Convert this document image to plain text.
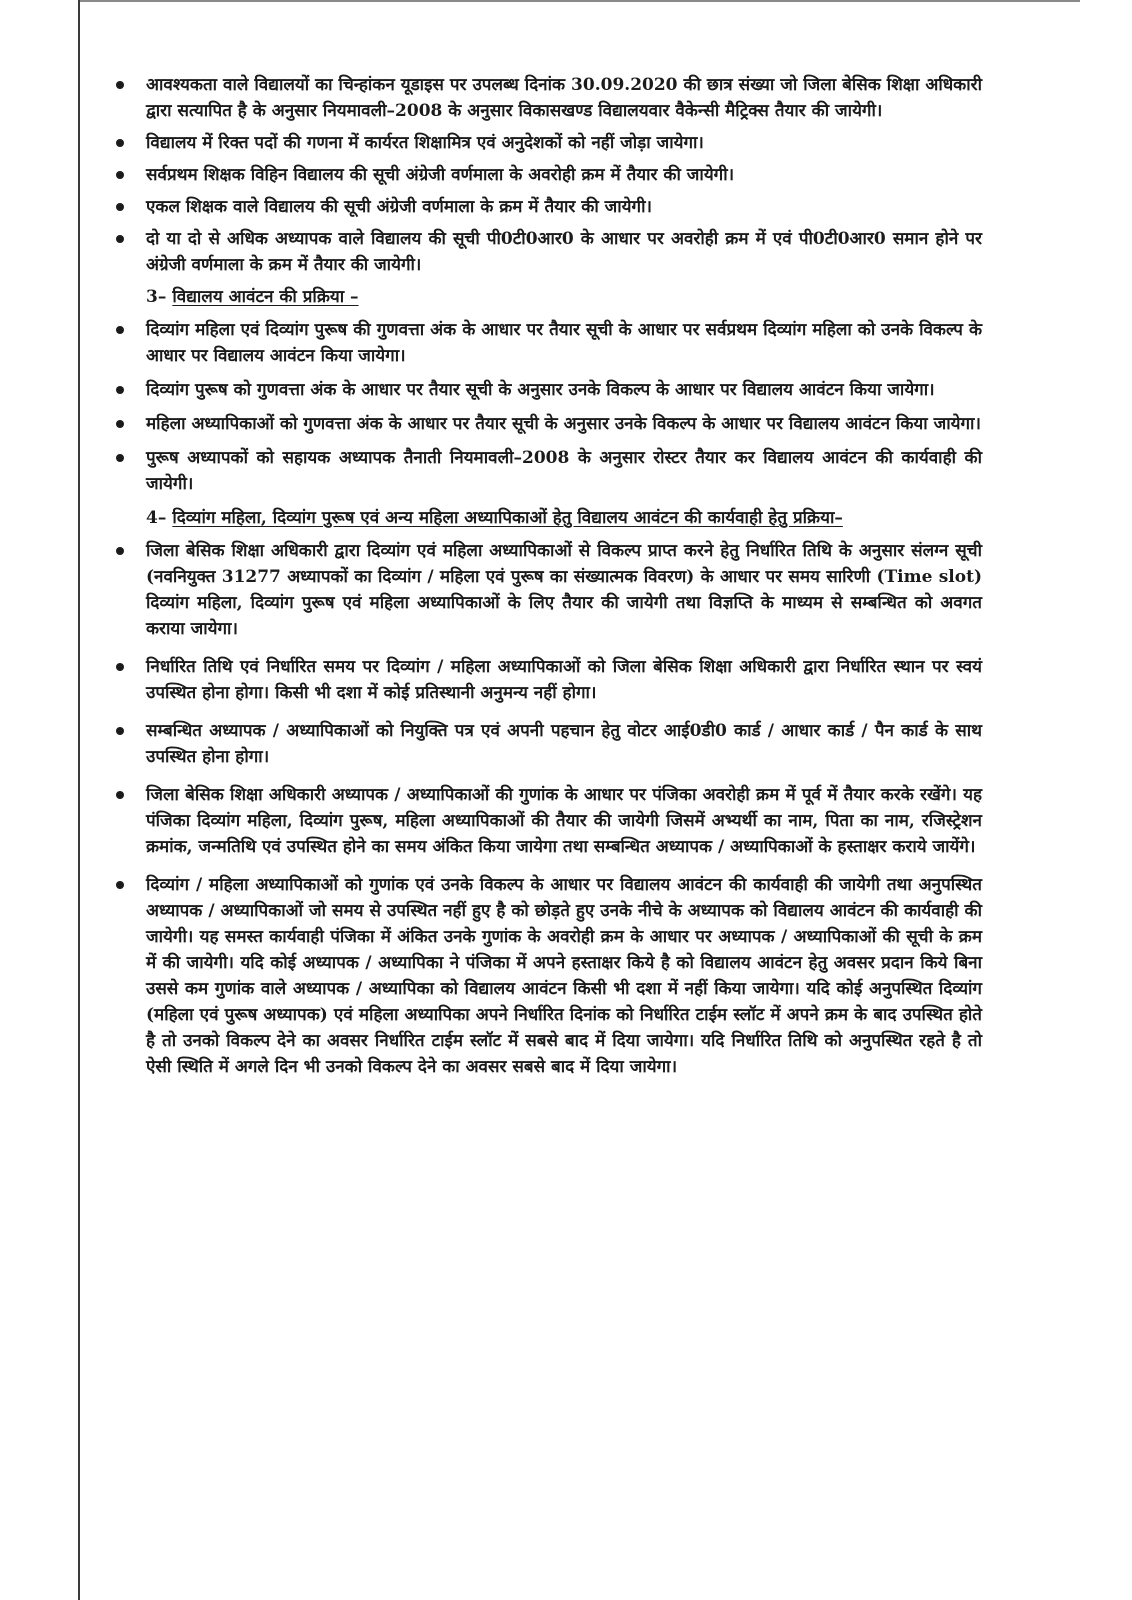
आवश्यकता वाले विद्यालयों का चिन्हांकन यूडाइस पर उपलब्ध दिनांक 30.09.2020 की छात्र संख्या जो जिला बेसिक शिक्षा अधिकारी द्वारा सत्यापित है के अनुसार नियमावली–2008 के अनुसार विकासखण्ड विद्यालयवार वैकेन्सी मैट्रिक्स तैयार की जायेगी।

विद्यालय में रिक्त पदों की गणना में कार्यरत शिक्षामित्र एवं अनुदेशकों को नहीं जोड़ा जायेगा।

सर्वप्रथम शिक्षक विहिन विद्यालय की सूची अंग्रेजी वर्णमाला के अवरोही क्रम में तैयार की जायेगी।

एकल शिक्षक वाले विद्यालय की सूची अंग्रेजी वर्णमाला के क्रम में तैयार की जायेगी।

दो या दो से अधिक अध्यापक वाले विद्यालय की सूची पी0टी0आर0 के आधार पर अवरोही क्रम में एवं पी0टी0आर0 समान होने पर अंग्रेजी वर्णमाला के क्रम में तैयार की जायेगी।

3– विद्यालय आवंटन की प्रक्रिया –

दिव्यांग महिला एवं दिव्यांग पुरूष की गुणवत्ता अंक के आधार पर तैयार सूची के आधार पर सर्वप्रथम दिव्यांग महिला को उनके विकल्प के आधार पर विद्यालय आवंटन किया जायेगा।

दिव्यांग पुरूष को गुणवत्ता अंक के आधार पर तैयार सूची के अनुसार उनके विकल्प के आधार पर विद्यालय आवंटन किया जायेगा।

महिला अध्यापिकाओं को गुणवत्ता अंक के आधार पर तैयार सूची के अनुसार उनके विकल्प के आधार पर विद्यालय आवंटन किया जायेगा।

पुरूष अध्यापकों को सहायक अध्यापक तैनाती नियमावली–2008 के अनुसार रोस्टर तैयार कर विद्यालय आवंटन की कार्यवाही की जायेगी।

4– दिव्यांग महिला, दिव्यांग पुरूष एवं अन्य महिला अध्यापिकाओं हेतु विद्यालय आवंटन की कार्यवाही हेतु प्रक्रिया–

जिला बेसिक शिक्षा अधिकारी द्वारा दिव्यांग एवं महिला अध्यापिकाओं से विकल्प प्राप्त करने हेतु निर्धारित तिथि के अनुसार संलग्न सूची (नवनियुक्त 31277 अध्यापकों का दिव्यांग / महिला एवं पुरूष का संख्यात्मक विवरण) के आधार पर समय सारिणी (Time slot) दिव्यांग महिला, दिव्यांग पुरूष एवं महिला अध्यापिकाओं के लिए तैयार की जायेगी तथा विज्ञप्ति के माध्यम से सम्बन्धित को अवगत कराया जायेगा।

निर्धारित तिथि एवं निर्धारित समय पर दिव्यांग / महिला अध्यापिकाओं को जिला बेसिक शिक्षा अधिकारी द्वारा निर्धारित स्थान पर स्वयं उपस्थित होना होगा। किसी भी दशा में कोई प्रतिस्थानी अनुमन्य नहीं होगा।

सम्बन्धित अध्यापक / अध्यापिकाओं को नियुक्ति पत्र एवं अपनी पहचान हेतु वोटर आई0डी0 कार्ड / आधार कार्ड / पैन कार्ड के साथ उपस्थित होना होगा।

जिला बेसिक शिक्षा अधिकारी अध्यापक / अध्यापिकाओं की गुणांक के आधार पर पंजिका अवरोही क्रम में पूर्व में तैयार करके रखेंगे। यह पंजिका दिव्यांग महिला, दिव्यांग पुरूष, महिला अध्यापिकाओं की तैयार की जायेगी जिसमें अभ्यर्थी का नाम, पिता का नाम, रजिस्ट्रेशन क्रमांक, जन्मतिथि एवं उपस्थित होने का समय अंकित किया जायेगा तथा सम्बन्धित अध्यापक / अध्यापिकाओं के हस्ताक्षर कराये जायेंगे।

दिव्यांग / महिला अध्यापिकाओं को गुणांक एवं उनके विकल्प के आधार पर विद्यालय आवंटन की कार्यवाही की जायेगी तथा अनुपस्थित अध्यापक / अध्यापिकाओं जो समय से उपस्थित नहीं हुए है को छोड़ते हुए उनके नीचे के अध्यापक को विद्यालय आवंटन की कार्यवाही की जायेगी। यह समस्त कार्यवाही पंजिका में अंकित उनके गुणांक के अवरोही क्रम के आधार पर अध्यापक / अध्यापिकाओं की सूची के क्रम में की जायेगी। यदि कोई अध्यापक / अध्यापिका ने पंजिका में अपने हस्ताक्षर किये है को विद्यालय आवंटन हेतु अवसर प्रदान किये बिना उससे कम गुणांक वाले अध्यापक / अध्यापिका को विद्यालय आवंटन किसी भी दशा में नहीं किया जायेगा। यदि कोई अनुपस्थित दिव्यांग (महिला एवं पुरूष अध्यापक) एवं महिला अध्यापिका अपने निर्धारित दिनांक को निर्धारित टाईम स्लॉट में अपने क्रम के बाद उपस्थित होते है तो उनको विकल्प देने का अवसर निर्धारित टाईम स्लॉट में सबसे बाद में दिया जायेगा। यदि निर्धारित तिथि को अनुपस्थित रहते है तो ऐसी स्थिति में अगले दिन भी उनको विकल्प देने का अवसर सबसे बाद में दिया जायेगा।
